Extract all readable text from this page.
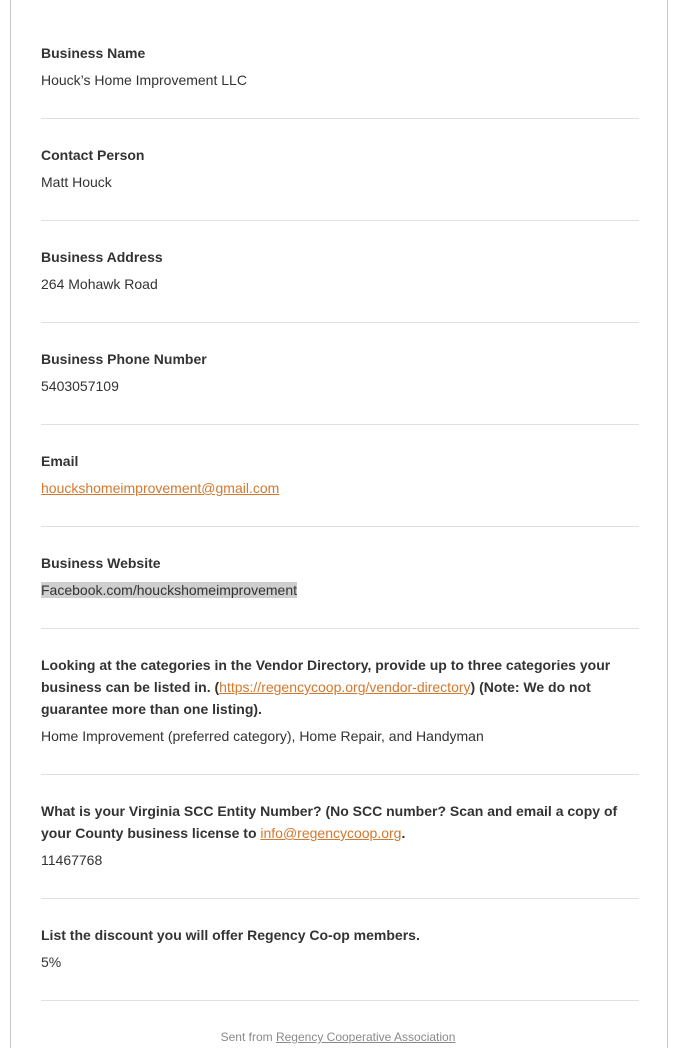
Business Name
Houck’s Home Improvement LLC
Contact Person
Matt Houck
Business Address
264 Mohawk Road
Business Phone Number
5403057109
Email
houckshomeimprovement@gmail.com
Business Website
Facebook.com/houckshomeimprovement
Looking at the categories in the Vendor Directory, provide up to three categories your business can be listed in. (https://regencycoop.org/vendor-directory) (Note: We do not guarantee more than one listing).
Home Improvement (preferred category), Home Repair, and Handyman
What is your Virginia SCC Entity Number? (No SCC number? Scan and email a copy of your County business license to info@regencycoop.org.
11467768
List the discount you will offer Regency Co-op members.
5%
Sent from Regency Cooperative Association
